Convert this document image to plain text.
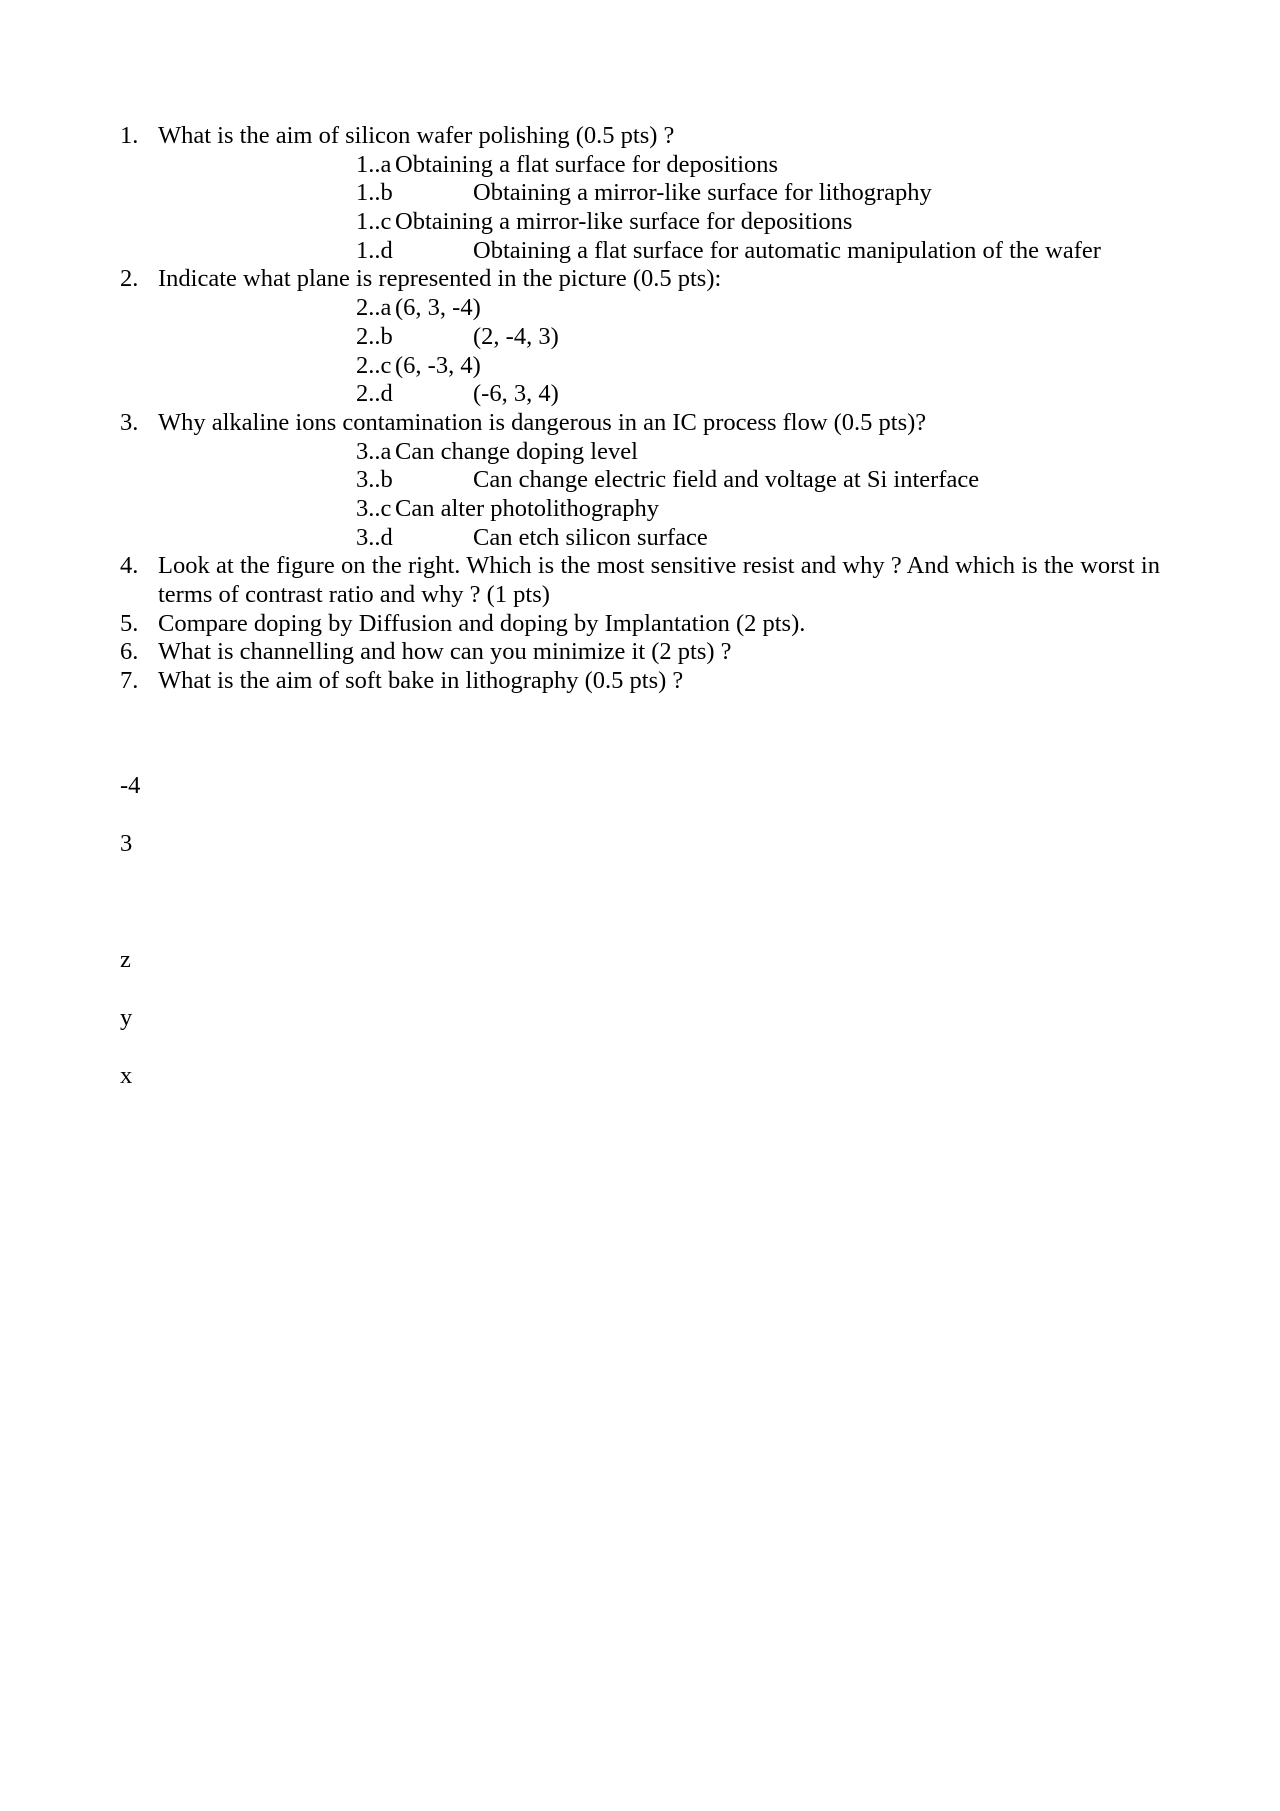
1. What is the aim of silicon wafer polishing (0.5 pts) ?
1..a Obtaining a flat surface for depositions
1..b	Obtaining a mirror-like surface for lithography
1..c Obtaining a mirror-like surface for depositions
1..d	Obtaining a flat surface for automatic manipulation of the wafer
2. Indicate what plane is represented in the picture (0.5 pts):
2..a (6, 3, -4)
2..b	(2, -4, 3)
2..c (6, -3, 4)
2..d	(-6, 3, 4)
3. Why alkaline ions contamination is dangerous in an IC process flow (0.5 pts)?
3..a Can change doping level
3..b	Can change electric field and voltage at Si interface
3..c Can alter photolithography
3..d	Can etch silicon surface
4. Look at the figure on the right. Which is the most sensitive resist and why ? And which is the worst in terms of contrast ratio and why ? (1 pts)
5. Compare doping by Diffusion and doping by Implantation (2 pts).
6. What is channelling and how can you minimize it (2 pts) ?
7. What is the aim of soft bake in lithography (0.5 pts) ?
-4
3
z
y
x
